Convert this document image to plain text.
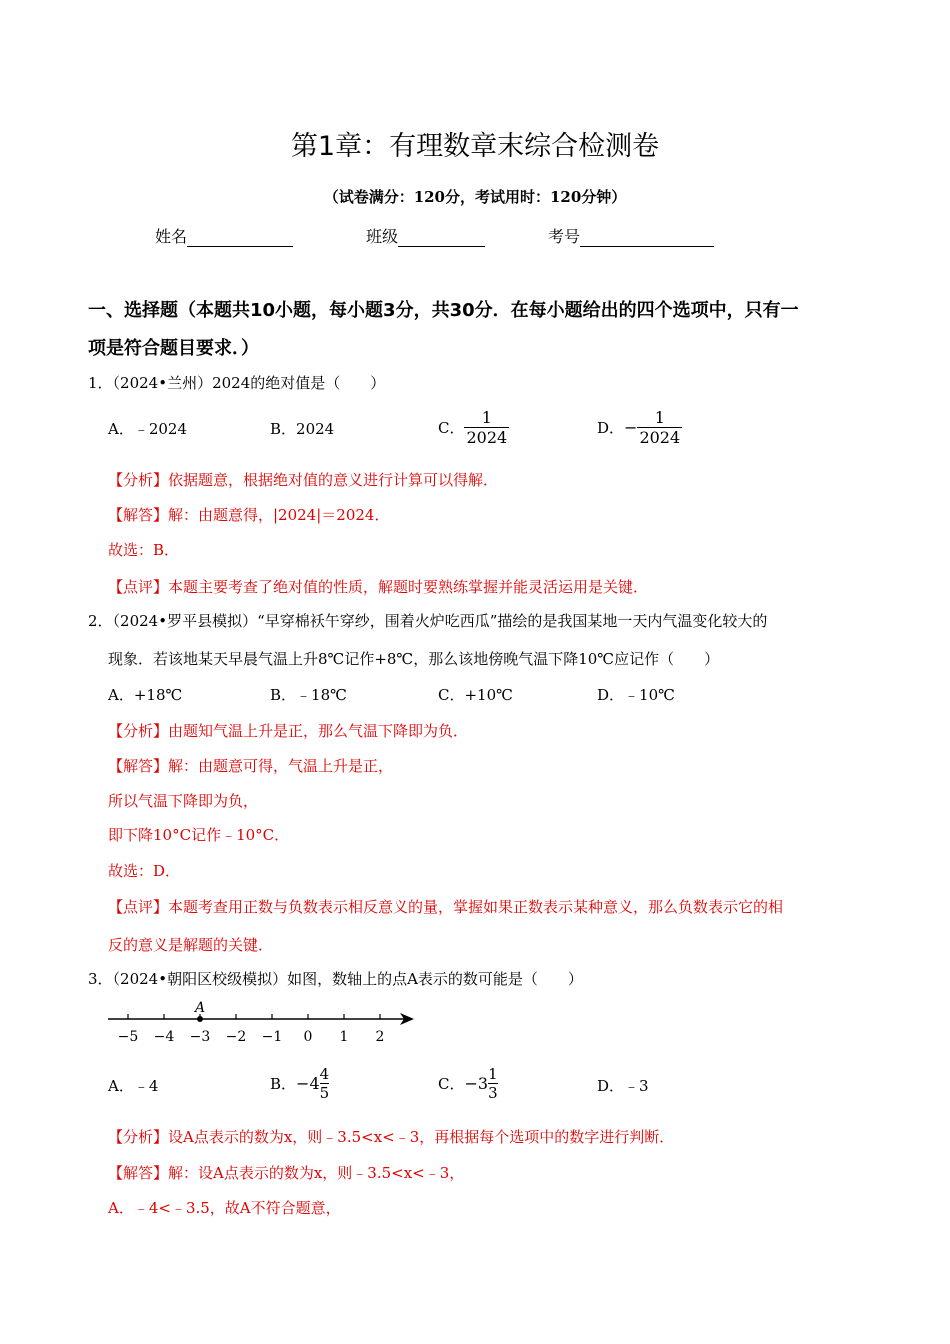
第1章：有理数章末综合检测卷
（试卷满分：120分，考试用时：120分钟）
姓名	班级	考号
一、选择题（本题共10小题，每小题3分，共30分．在每小题给出的四个选项中，只有一
项是符合题目要求．）
1．（2024•兰州）2024的绝对值是（　　）
A．﹣2024	B．2024	C． $\frac{1}{2024}$	D．− $\frac{1}{2024}$
【分析】依据题意，根据绝对值的意义进行计算可以得解．
【解答】解：由题意得，|2024|＝2024．
故选：B．
【点评】本题主要考查了绝对值的性质，解题时要熟练掌握并能灵活运用是关键．
2．（2024•罗平县模拟）“早穿棉袄午穿纱，围着火炉吃西瓜”描绘的是我国某地一天内气温变化较大的
现象．若该地某天早晨气温上升8℃记作+8℃，那么该地傍晚气温下降10℃应记作（　　）
A．+18℃	B．﹣18℃	C．+10℃	D．﹣10℃
【分析】由题知气温上升是正，那么气温下降即为负．
【解答】解：由题意可得，气温上升是正，
所以气温下降即为负，
即下降10°C记作﹣10°C．
故选：D．
【点评】本题考查用正数与负数表示相反意义的量，掌握如果正数表示某种意义，那么负数表示它的相
反的意义是解题的关键．
3．（2024•朝阳区校级模拟）如图，数轴上的点A表示的数可能是（　　）
−5 −4 −3 −2 −1 0 1 2
A
A．﹣4	B．$-4 \frac{4}{5}$	C．$-3 \frac{1}{3}$	D．﹣3
【分析】设A点表示的数为x，则﹣3.5<x<﹣3，再根据每个选项中的数字进行判断．
【解答】解：设A点表示的数为x，则﹣3.5<x<﹣3，
A．﹣4<﹣3.5，故A不符合题意，
